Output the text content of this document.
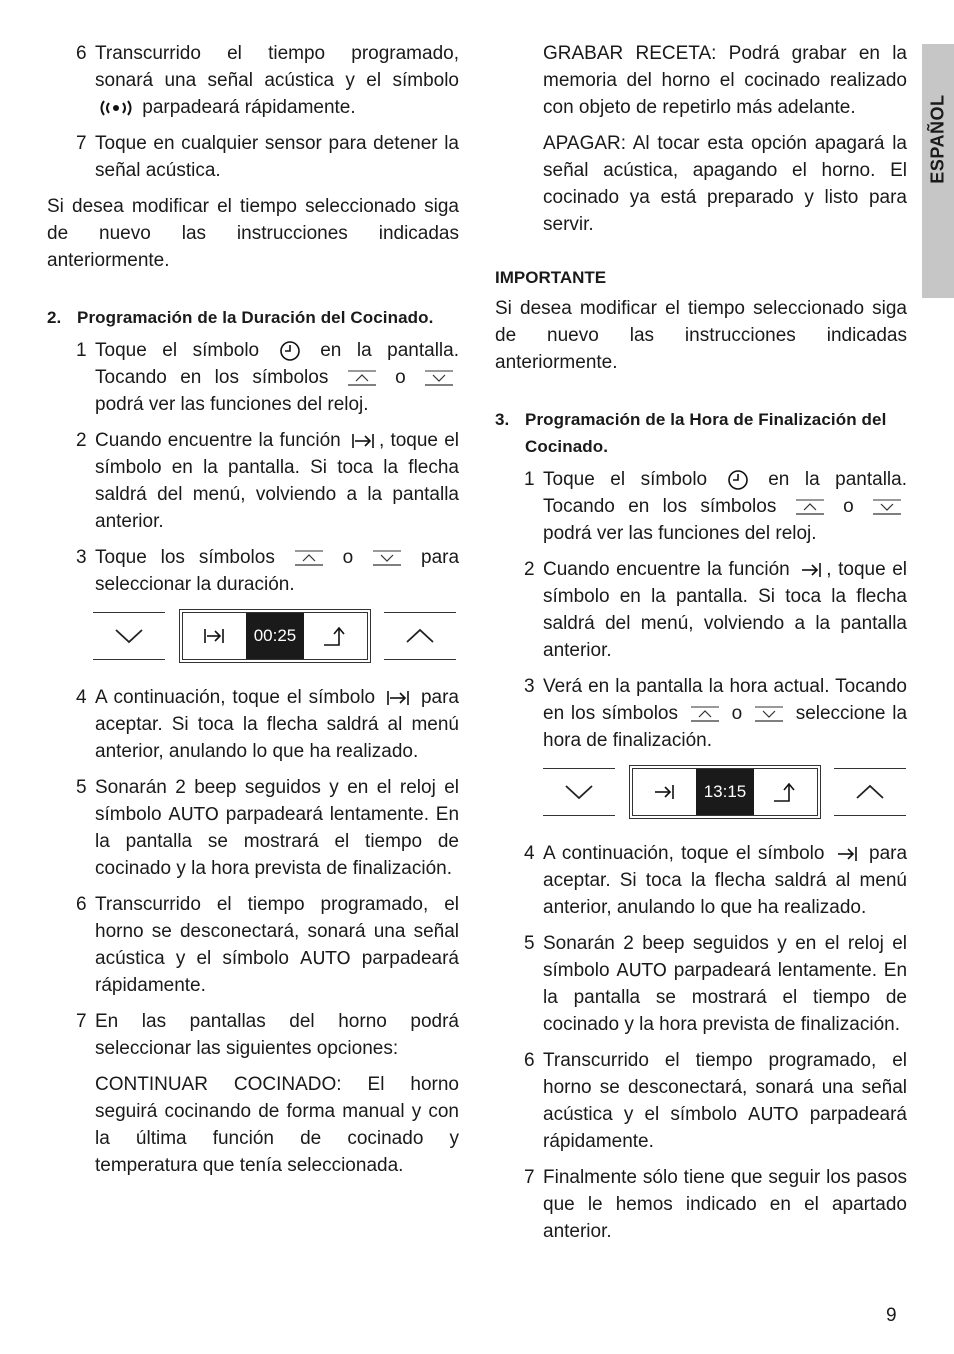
ESPAÑOL
6 Transcurrido el tiempo programado, sonará una señal acústica y el símbolo  parpadeará rápidamente.
7 Toque en cualquier sensor para detener la señal acústica.
Si desea modificar el tiempo seleccionado siga de nuevo las instrucciones indicadas anteriormente.
2. Programación de la Duración del Cocinado.
1 Toque el símbolo	en la pantalla. Tocando en los símbolos	o  podrá ver las funciones del reloj.
2 Cuando encuentre la función , toque el símbolo en la pantalla. Si toca la flecha saldrá del menú, volviendo a la pantalla anterior.
3 Toque los símbolos	o	para seleccionar la duración.
00:25
4 A continuación, toque el símbolo para aceptar. Si toca la flecha saldrá al menú anterior, anulando lo que ha realizado.
5 Sonarán 2 beep seguidos y en el reloj el símbolo AUTO parpadeará lentamente. En la pantalla se mostrará el tiempo de cocinado y la hora prevista de finalización.
6 Transcurrido el tiempo programado, el horno se desconectará, sonará una señal acústica y el símbolo AUTO parpadeará rápidamente.
7 En las pantallas del horno podrá seleccionar las siguientes opciones:
CONTINUAR COCINADO: El horno seguirá cocinando de forma manual y con la última función de cocinado y temperatura que tenía seleccionada.
GRABAR RECETA: Podrá grabar en la memoria del horno el cocinado realizado con objeto de repetirlo más adelante.
APAGAR: Al tocar esta opción apagará la señal acústica, apagando el horno. El cocinado ya está preparado y listo para servir.
IMPORTANTE
Si desea modificar el tiempo seleccionado siga de nuevo las instrucciones indicadas anteriormente.
3. Programación de la Hora de Finalización del Cocinado.
1 Toque el símbolo	en la pantalla. Tocando en los símbolos	o  podrá ver las funciones del reloj.
2 Cuando encuentre la función , toque el símbolo en la pantalla. Si toca la flecha saldrá del menú, volviendo a la pantalla anterior.
3 Verá en la pantalla la hora actual. Tocando en los símbolos	o	seleccione la hora de finalización.
13:15
4 A continuación, toque el símbolo para aceptar. Si toca la flecha saldrá al menú anterior, anulando lo que ha realizado.
5 Sonarán 2 beep seguidos y en el reloj el símbolo AUTO parpadeará lentamente. En la pantalla se mostrará el tiempo de cocinado y la hora prevista de finalización.
6 Transcurrido el tiempo programado, el horno se desconectará, sonará una señal acústica y el símbolo AUTO parpadeará rápidamente.
7 Finalmente sólo tiene que seguir los pasos que le hemos indicado en el apartado anterior.
9
